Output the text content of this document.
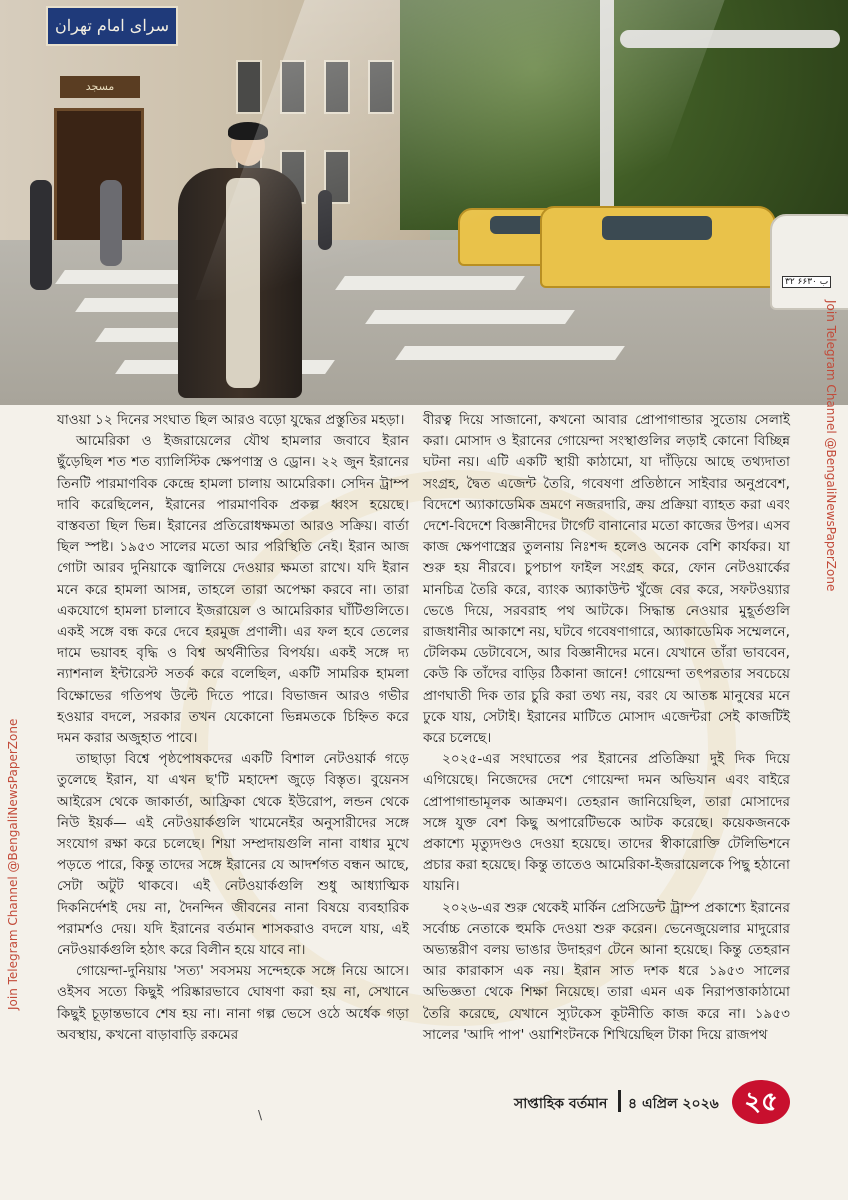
سرای امام تهران
مسجد
۳۲ ب ۶۶۳۰
Join Telegram Channel @BengaliNewsPaperZone
Join Telegram Channel @BengaliNewsPaperZone

যাওয়া ১২ দিনের সংঘাত ছিল আরও বড়ো যুদ্ধের প্রস্তুতির মহড়া।

আমেরিকা ও ইজরায়েলের যৌথ হামলার জবাবে ইরান ছুঁড়েছিল শত শত ব্যালিস্টিক ক্ষেপণাস্ত্র ও ড্রোন। ২২ জুন ইরানের তিনটি পারমাণবিক কেন্দ্রে হামলা চালায় আমেরিকা। সেদিন ট্রাম্প দাবি করেছিলেন, ইরানের পারমাণবিক প্রকল্প ধ্বংস হয়েছে। বাস্তবতা ছিল ভিন্ন। ইরানের প্রতিরোধক্ষমতা আরও সক্রিয়। বার্তা ছিল স্পষ্ট। ১৯৫৩ সালের মতো আর পরিস্থিতি নেই। ইরান আজ গোটা আরব দুনিয়াকে জ্বালিয়ে দেওয়ার ক্ষমতা রাখে। যদি ইরান মনে করে হামলা আসন্ন, তাহলে তারা অপেক্ষা করবে না। তারা একযোগে হামলা চালাবে ইজরায়েল ও আমেরিকার ঘাঁটিগুলিতে। একই সঙ্গে বন্ধ করে দেবে হরমুজ প্রণালী। এর ফল হবে তেলের দামে ভয়াবহ বৃদ্ধি ও বিশ্ব অর্থনীতির বিপর্যয়। একই সঙ্গে দ্য ন্যাশনাল ইন্টারেস্ট সতর্ক করে বলেছিল, একটি সামরিক হামলা বিক্ষোভের গতিপথ উল্টে দিতে পারে। বিভাজন আরও গভীর হওয়ার বদলে, সরকার তখন যেকোনো ভিন্নমতকে চিহ্নিত করে দমন করার অজুহাত পাবে।

তাছাড়া বিশ্বে পৃষ্ঠপোষকদের একটি বিশাল নেটওয়ার্ক গড়ে তুলেছে ইরান, যা এখন ছ'টি মহাদেশ জুড়ে বিস্তৃত। বুয়েনস আইরেস থেকে জাকার্তা, আফ্রিকা থেকে ইউরোপ, লন্ডন থেকে নিউ ইয়র্ক— এই নেটওয়ার্কগুলি খামেনেইর অনুসারীদের সঙ্গে সংযোগ রক্ষা করে চলেছে। শিয়া সম্প্রদায়গুলি নানা বাধার মুখে পড়তে পারে, কিন্তু তাদের সঙ্গে ইরানের যে আদর্শগত বন্ধন আছে, সেটা অটুট থাকবে। এই নেটওয়ার্কগুলি শুধু আধ্যাত্মিক দিকনির্দেশই দেয় না, দৈনন্দিন জীবনের নানা বিষয়ে ব্যবহারিক পরামর্শও দেয়। যদি ইরানের বর্তমান শাসকরাও বদলে যায়, এই নেটওয়ার্কগুলি হঠাৎ করে বিলীন হয়ে যাবে না।

গোয়েন্দা-দুনিয়ায় 'সত্য' সবসময় সন্দেহকে সঙ্গে নিয়ে আসে। ওইসব সত্যে কিছুই পরিষ্কারভাবে ঘোষণা করা হয় না, সেখানে কিছুই চূড়ান্তভাবে শেষ হয় না। নানা গল্প ভেসে ওঠে অর্ধেক গড়া অবস্থায়, কখনো বাড়াবাড়ি রকমের

বীরত্ব দিয়ে সাজানো, কখনো আবার প্রোপাগান্ডার সুতোয় সেলাই করা। মোসাদ ও ইরানের গোয়েন্দা সংস্থাগুলির লড়াই কোনো বিচ্ছিন্ন ঘটনা নয়। এটি একটি স্থায়ী কাঠামো, যা দাঁড়িয়ে আছে তথ্যদাতা সংগ্রহ, দ্বৈত এজেন্ট তৈরি, গবেষণা প্রতিষ্ঠানে সাইবার অনুপ্রবেশ, বিদেশে অ্যাকাডেমিক ভ্রমণে নজরদারি, ক্রয় প্রক্রিয়া ব্যাহত করা এবং দেশে-বিদেশে বিজ্ঞানীদের টার্গেট বানানোর মতো কাজের উপর। এসব কাজ ক্ষেপণাস্ত্রের তুলনায় নিঃশব্দ হলেও অনেক বেশি কার্যকর। যা শুরু হয় নীরবে। চুপচাপ ফাইল সংগ্রহ করে, ফোন নেটওয়ার্কের মানচিত্র তৈরি করে, ব্যাংক অ্যাকাউন্ট খুঁজে বের করে, সফটওয়্যার ভেঙে দিয়ে, সরবরাহ পথ আটকে। সিদ্ধান্ত নেওয়ার মুহূর্তগুলি রাজধানীর আকাশে নয়, ঘটবে গবেষণাগারে, অ্যাকাডেমিক সম্মেলনে, টেলিকম ডেটাবেসে, আর বিজ্ঞানীদের মনে। যেখানে তাঁরা ভাববেন, কেউ কি তাঁদের বাড়ির ঠিকানা জানে! গোয়েন্দা তৎপরতার সবচেয়ে প্রাণঘাতী দিক তার চুরি করা তথ্য নয়, বরং যে আতঙ্ক মানুষের মনে ঢুকে যায়, সেটাই। ইরানের মাটিতে মোসাদ এজেন্টরা সেই কাজটিই করে চলেছে।

২০২৫-এর সংঘাতের পর ইরানের প্রতিক্রিয়া দুই দিক দিয়ে এগিয়েছে। নিজেদের দেশে গোয়েন্দা দমন অভিযান এবং বাইরে প্রোপাগান্ডামূলক আক্রমণ। তেহরান জানিয়েছিল, তারা মোসাদের সঙ্গে যুক্ত বেশ কিছু অপারেটিভকে আটক করেছে। কয়েকজনকে প্রকাশ্যে মৃত্যুদণ্ডও দেওয়া হয়েছে। তাদের স্বীকারোক্তি টেলিভিশনে প্রচার করা হয়েছে। কিন্তু তাতেও আমেরিকা-ইজরায়েলকে পিছু হঠানো যায়নি।

২০২৬-এর শুরু থেকেই মার্কিন প্রেসিডেন্ট ট্রাম্প প্রকাশ্যে ইরানের সর্বোচ্চ নেতাকে হুমকি দেওয়া শুরু করেন। ভেনেজুয়েলার মাদুরোর অভ্যন্তরীণ বলয় ভাঙার উদাহরণ টেনে আনা হয়েছে। কিন্তু তেহরান আর কারাকাস এক নয়। ইরান সাত দশক ধরে ১৯৫৩ সালের অভিজ্ঞতা থেকে শিক্ষা নিয়েছে। তারা এমন এক নিরাপত্তাকাঠামো তৈরি করেছে, যেখানে স্যুটকেস কূটনীতি কাজ করে না। ১৯৫৩ সালের 'আদি পাপ' ওয়াশিংটনকে শিখিয়েছিল টাকা দিয়ে রাজপথ

সাপ্তাহিক বর্তমান ৪ এপ্রিল ২০২৬ ২৫
\
